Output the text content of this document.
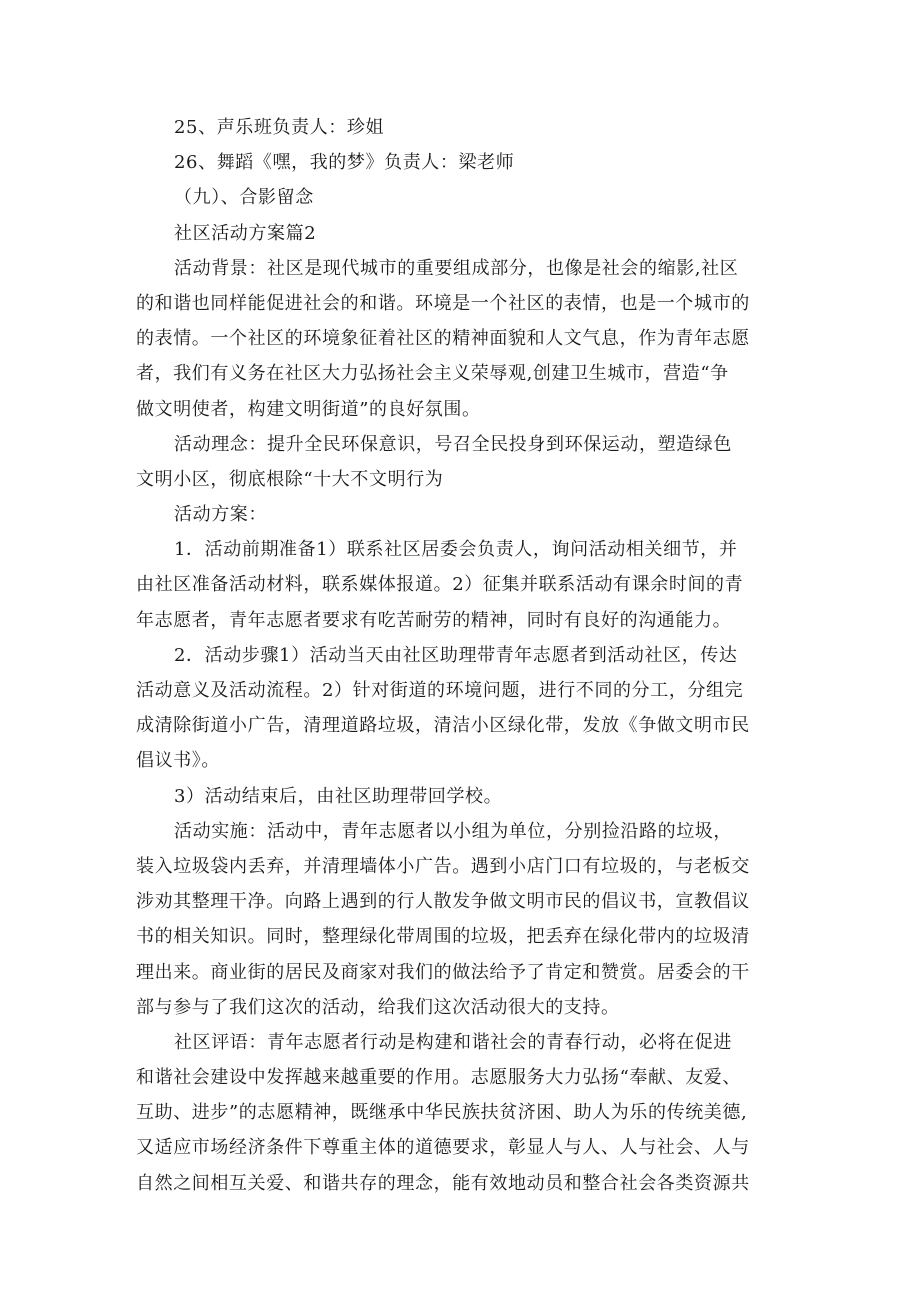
25、声乐班负责人：珍姐
26、舞蹈《嘿，我的梦》负责人：梁老师
（九）、合影留念
社区活动方案篇2
活动背景：社区是现代城市的重要组成部分，也像是社会的缩影,社区
的和谐也同样能促进社会的和谐。环境是一个社区的表情，也是一个城市的
的表情。一个社区的环境象征着社区的精神面貌和人文气息，作为青年志愿
者，我们有义务在社区大力弘扬社会主义荣辱观,创建卫生城市，营造“争
做文明使者，构建文明街道”的良好氛围。
活动理念：提升全民环保意识，号召全民投身到环保运动，塑造绿色
文明小区，彻底根除“十大不文明行为
活动方案：
1．活动前期准备1）联系社区居委会负责人，询问活动相关细节，并
由社区准备活动材料，联系媒体报道。2）征集并联系活动有课余时间的青
年志愿者，青年志愿者要求有吃苦耐劳的精神，同时有良好的沟通能力。
2．活动步骤1）活动当天由社区助理带青年志愿者到活动社区，传达
活动意义及活动流程。2）针对街道的环境问题，进行不同的分工，分组完
成清除街道小广告，清理道路垃圾，清洁小区绿化带，发放《争做文明市民
倡议书》。
3）活动结束后，由社区助理带回学校。
活动实施：活动中，青年志愿者以小组为单位，分别捡沿路的垃圾，
装入垃圾袋内丢弃，并清理墙体小广告。遇到小店门口有垃圾的，与老板交
涉劝其整理干净。向路上遇到的行人散发争做文明市民的倡议书，宣教倡议
书的相关知识。同时，整理绿化带周围的垃圾，把丢弃在绿化带内的垃圾清
理出来。商业街的居民及商家对我们的做法给予了肯定和赞赏。居委会的干
部与参与了我们这次的活动，给我们这次活动很大的支持。
社区评语：青年志愿者行动是构建和谐社会的青春行动，必将在促进
和谐社会建设中发挥越来越重要的作用。志愿服务大力弘扬“奉献、友爱、
互助、进步”的志愿精神，既继承中华民族扶贫济困、助人为乐的传统美德,
又适应市场经济条件下尊重主体的道德要求，彰显人与人、人与社会、人与
自然之间相互关爱、和谐共存的理念，能有效地动员和整合社会各类资源共
